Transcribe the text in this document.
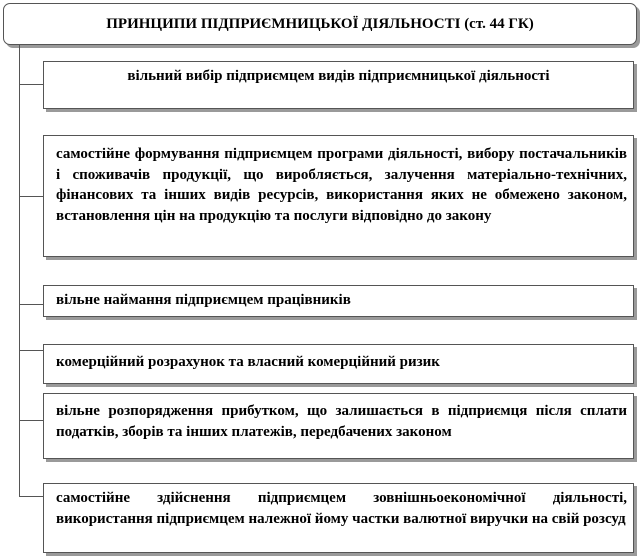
ПРИНЦИПИ ПІДПРИЄМНИЦЬКОЇ ДІЯЛЬНОСТІ (ст. 44 ГК)
вільний вибір підприємцем видів підприємницької діяльності
самостійне формування підприємцем програми діяльності, вибору постачальників і споживачів продукції, що виробляється, залучення матеріально-технічних, фінансових та інших видів ресурсів, використання яких не обмежено законом, встановлення цін на продукцію та послуги відповідно до закону
вільне наймання підприємцем працівників
комерційний розрахунок та власний комерційний ризик
вільне розпорядження прибутком, що залишається в підприємця після сплати податків, зборів та інших платежів, передбачених законом
самостійне здійснення підприємцем зовнішньоекономічної діяльності, використання підприємцем належної йому частки валютної виручки на свій розсуд
